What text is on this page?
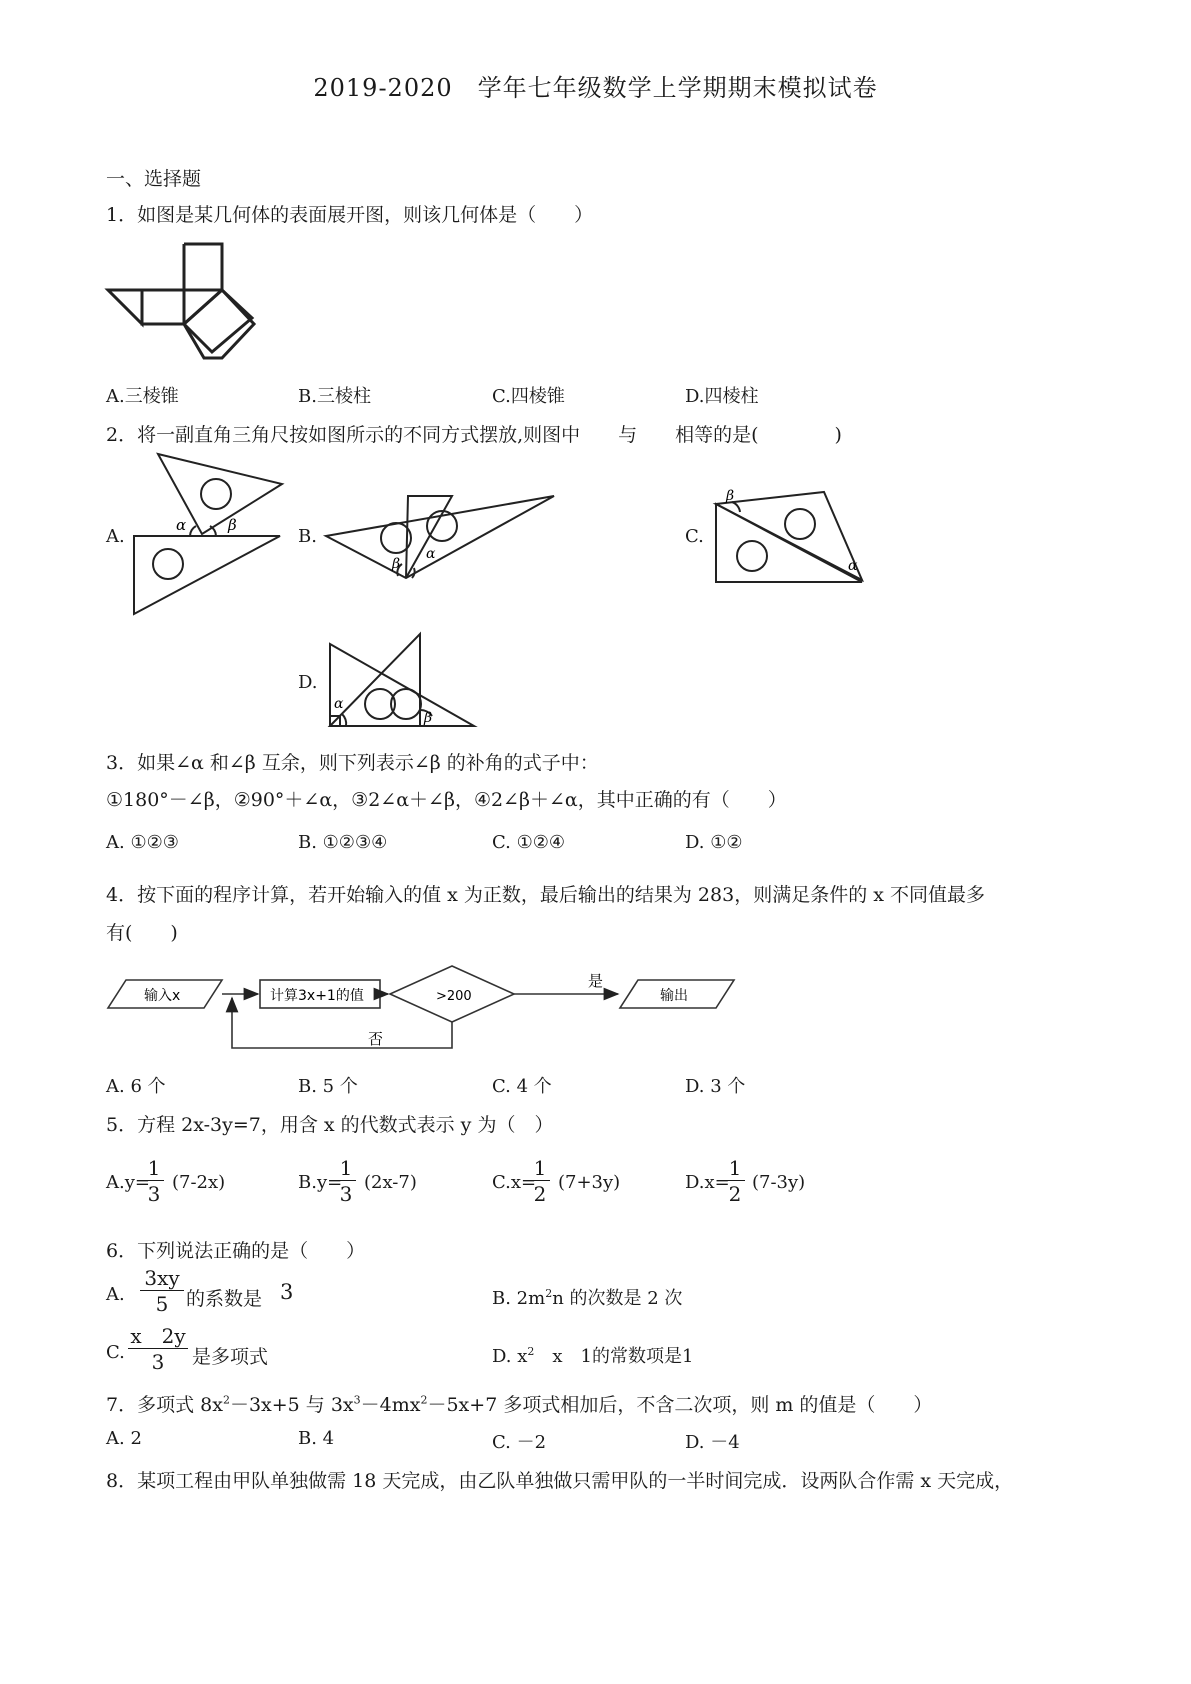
2019-2020　学年七年级数学上学期期末模拟试卷
一、选择题
1．如图是某几何体的表面展开图，则该几何体是（　　）
A.三棱锥	B.三棱柱	C.四棱锥	D.四棱柱
2．将一副直角三角尺按如图所示的不同方式摆放,则图中　　与　　相等的是(　　　　)
A.
α	β
B.
β
α
C.
β
α
D.
α
β
3．如果∠α 和∠β 互余，则下列表示∠β 的补角的式子中：
①180°－∠β，②90°＋∠α，③2∠α＋∠β，④2∠β＋∠α，其中正确的有（　　）
A. ①②③	B. ①②③④	C. ①②④	D. ①②
4．按下面的程序计算，若开始输入的值 x 为正数，最后输出的结果为 283，则满足条件的 x 不同值最多
有(　　)
输入x	计算3x+1的值	>200
是
输出
否
A. 6 个	B. 5 个	C. 4 个	D. 3 个
5．方程 2x-3y=7，用含 x 的代数式表示 y 为（　）
A.y=
1
3 (7-2x)	B.y=
1
3 (2x-7)	C.x=
1
2 (7+3y)	D.x=
1
2 (7-3y)
6．下列说法正确的是（　　）
A.
3xy
5 的系数是 3	B. $2m^2n$ 的次数是 2 次
C.
x　2y
3	是多项式	D. $x^2$　x　1的常数项是1
7．多项式 $8x^2-3x+5$ 与 $3x^3-4mx^2-5x+7$ 多项式相加后，不含二次项，则 m 的值是（　　）
A. 2	B. 4	C. －2	D. －4
8．某项工程由甲队单独做需 18 天完成，由乙队单独做只需甲队的一半时间完成．设两队合作需 x 天完成，
